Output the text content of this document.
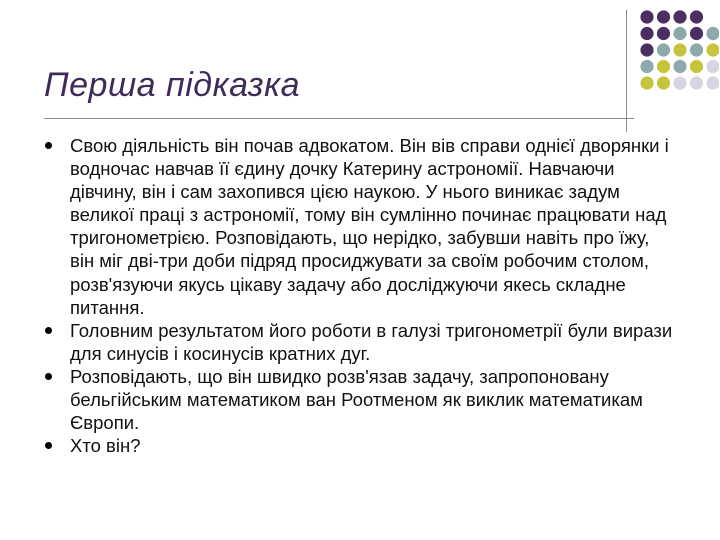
Перша підказка
Свою діяльність він почав адвокатом. Він вів справи однієї дворянки і водночас навчав її єдину дочку Катерину астрономії. Навчаючи дівчину, він і сам захопився цією наукою. У нього виникає задум великої праці з астрономії, тому він сумлінно починає працювати над тригонометрією. Розповідають, що нерідко, забувши навіть про їжу, він міг дві-три доби підряд просиджувати за своїм робочим столом, розв'язуючи якусь цікаву задачу або досліджуючи якесь складне питання.
Головним результатом його роботи в галузі тригонометрії були вирази для синусів і косинусів кратних дуг.
Розповідають, що він швидко розв'язав задачу, запропоновану бельгійським математиком ван Роотменом як виклик математикам Європи.
Хто він?
